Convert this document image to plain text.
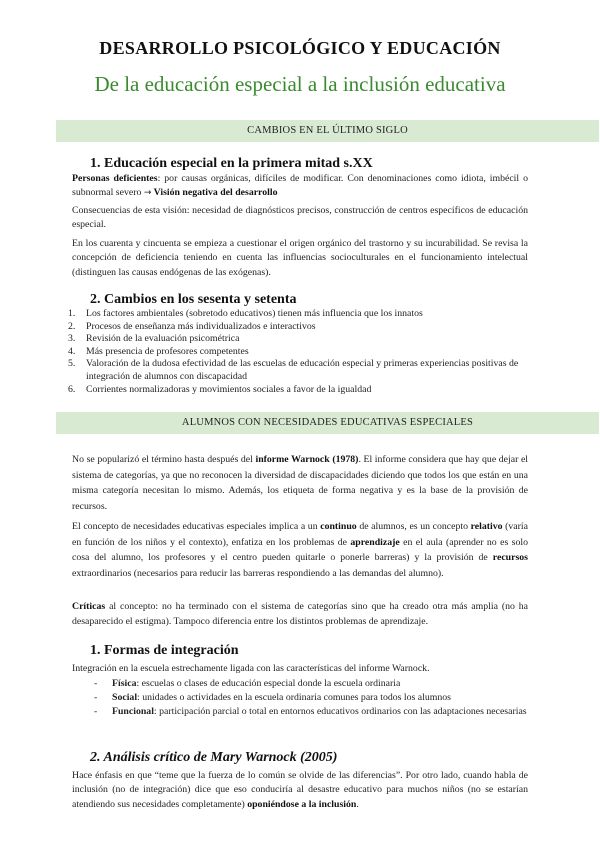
DESARROLLO PSICOLÓGICO Y EDUCACIÓN
De la educación especial a la inclusión educativa
CAMBIOS EN EL ÚLTIMO SIGLO
1. Educación especial en la primera mitad s.XX
Personas deficientes: por causas orgánicas, difíciles de modificar. Con denominaciones como idiota, imbécil o subnormal severo → Visión negativa del desarrollo
Consecuencias de esta visión: necesidad de diagnósticos precisos, construcción de centros específicos de educación especial.
En los cuarenta y cincuenta se empieza a cuestionar el origen orgánico del trastorno y su incurabilidad. Se revisa la concepción de deficiencia teniendo en cuenta las influencias socioculturales en el funcionamiento intelectual (distinguen las causas endógenas de las exógenas).
2. Cambios en los sesenta y setenta
1. Los factores ambientales (sobretodo educativos) tienen más influencia que los innatos
2. Procesos de enseñanza más individualizados e interactivos
3. Revisión de la evaluación psicométrica
4. Más presencia de profesores competentes
5. Valoración de la dudosa efectividad de las escuelas de educación especial y primeras experiencias positivas de integración de alumnos con discapacidad
6. Corrientes normalizadoras y movimientos sociales a favor de la igualdad
ALUMNOS CON NECESIDADES EDUCATIVAS ESPECIALES
No se popularizó el término hasta después del informe Warnock (1978). El informe considera que hay que dejar el sistema de categorías, ya que no reconocen la diversidad de discapacidades diciendo que todos los que están en una misma categoría necesitan lo mismo. Además, los etiqueta de forma negativa y es la base de la provisión de recursos.
El concepto de necesidades educativas especiales implica a un continuo de alumnos, es un concepto relativo (varía en función de los niños y el contexto), enfatiza en los problemas de aprendizaje en el aula (aprender no es solo cosa del alumno, los profesores y el centro pueden quitarle o ponerle barreras) y la provisión de recursos extraordinarios (necesarios para reducir las barreras respondiendo a las demandas del alumno).
Críticas al concepto: no ha terminado con el sistema de categorías sino que ha creado otra más amplia (no ha desaparecido el estigma). Tampoco diferencia entre los distintos problemas de aprendizaje.
1. Formas de integración
Integración en la escuela estrechamente ligada con las características del informe Warnock.
- Física: escuelas o clases de educación especial donde la escuela ordinaria
- Social: unidades o actividades en la escuela ordinaria comunes para todos los alumnos
- Funcional: participación parcial o total en entornos educativos ordinarios con las adaptaciones necesarias
2. Análisis crítico de Mary Warnock (2005)
Hace énfasis en que “teme que la fuerza de lo común se olvide de las diferencias”. Por otro lado, cuando habla de inclusión (no de integración) dice que eso conduciría al desastre educativo para muchos niños (no se estarían atendiendo sus necesidades completamente) oponiéndose a la inclusión.
